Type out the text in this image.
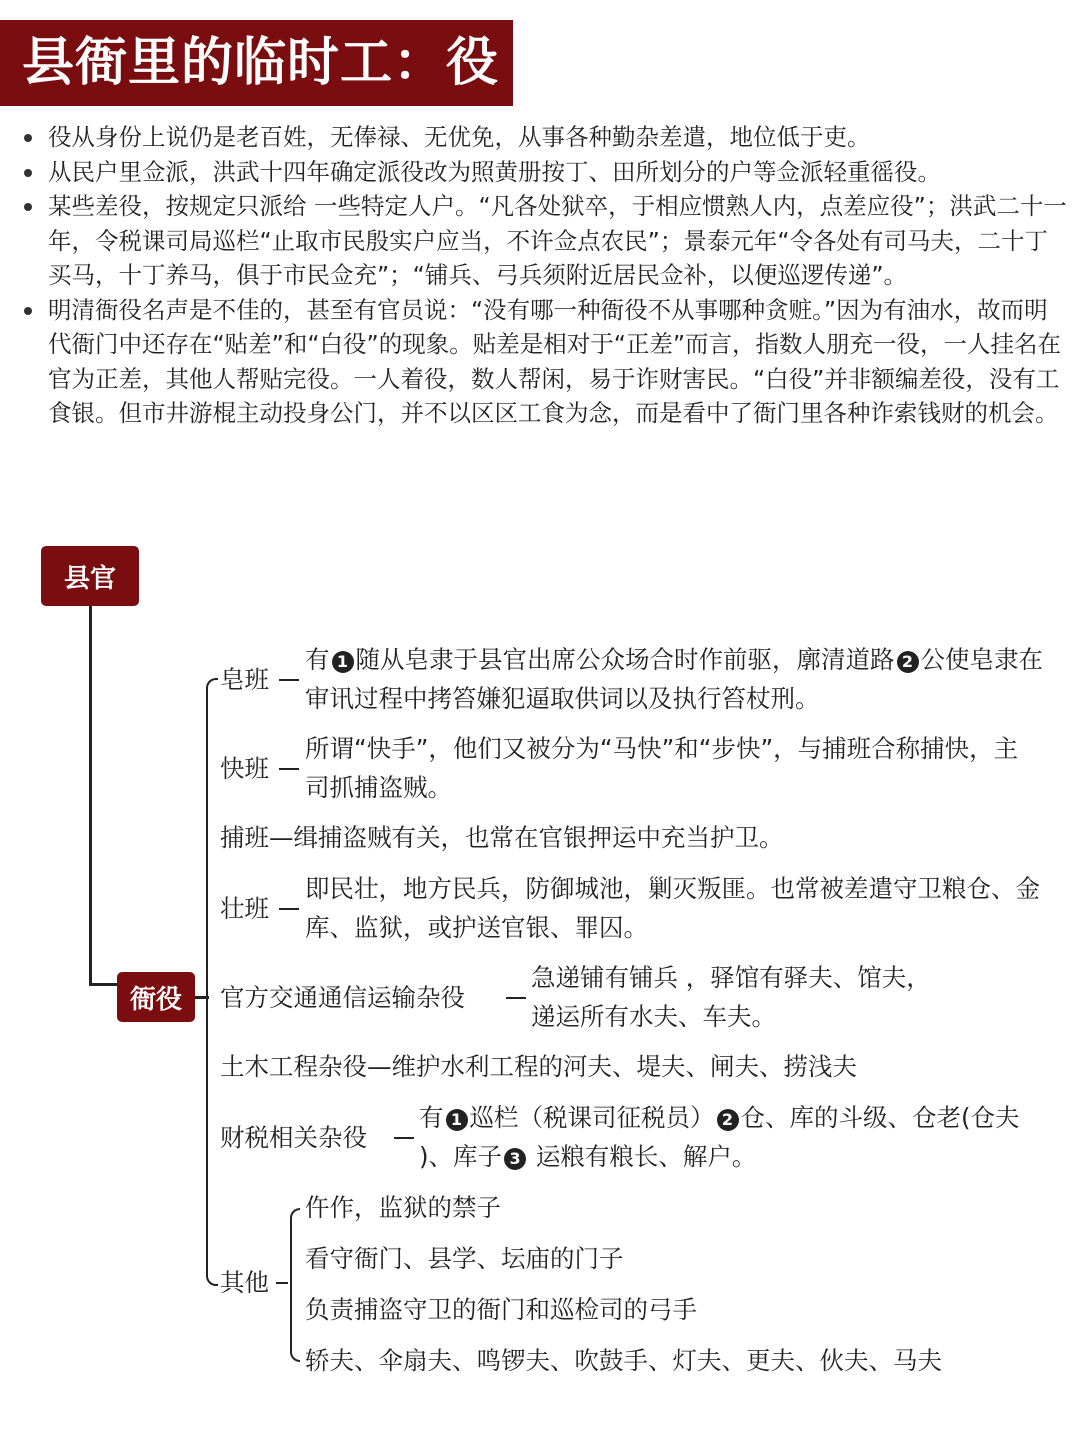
县衙里的临时工：役
役从身份上说仍是老百姓，无俸禄、无优免，从事各种勤杂差遣，地位低于吏。
从民户里佥派，洪武十四年确定派役改为照黄册按丁、田所划分的户等佥派轻重徭役。
某些差役，按规定只派给 一些特定人户。“凡各处狱卒，于相应惯熟人内，点差应役”；洪武二十一年，令税课司局巡栏“止取市民殷实户应当，不许佥点农民”；景泰元年“令各处有司马夫，二十丁买马，十丁养马，俱于市民佥充”；“铺兵、弓兵须附近居民佥补，以便巡逻传递”。
明清衙役名声是不佳的，甚至有官员说：“没有哪一种衙役不从事哪种贪赃。”因为有油水，故而明代衙门中还存在“贴差”和“白役”的现象。贴差是相对于“正差”而言，指数人朋充一役，一人挂名在官为正差，其他人帮贴完役。一人着役，数人帮闲，易于诈财害民。“白役”并非额编差役，没有工食银。但市井游棍主动投身公门，并不以区区工食为念，而是看中了衙门里各种诈索钱财的机会。
县官
衙役
皂班
有 1 随从皂隶于县官出席公众场合时作前驱，廓清道路 2 公使皂隶在审讯过程中拷笞嫌犯逼取供词以及执行笞杖刑。
快班
所谓“快手”，他们又被分为“马快”和“步快”，与捕班合称捕快，主司抓捕盗贼。
捕班—缉捕盗贼有关，也常在官银押运中充当护卫。
壮班
即民壮，地方民兵，防御城池，剿灭叛匪。也常被差遣守卫粮仓、金库、监狱，或护送官银、罪囚。
官方交通通信运输杂役
急递铺有铺兵 ，驿馆有驿夫、馆夫，
递运所有水夫、车夫。
土木工程杂役—维护水利工程的河夫、堤夫、闸夫、捞浅夫
财税相关杂役
有 1 巡栏（税课司征税员） 2 仓、库的斗级、仓老(仓夫 )、库子 3 运粮有粮长、解户。
其他
仵作，监狱的禁子
看守衙门、县学、坛庙的门子
负责捕盗守卫的衙门和巡检司的弓手
轿夫、伞扇夫、鸣锣夫、吹鼓手、灯夫、更夫、伙夫、马夫
